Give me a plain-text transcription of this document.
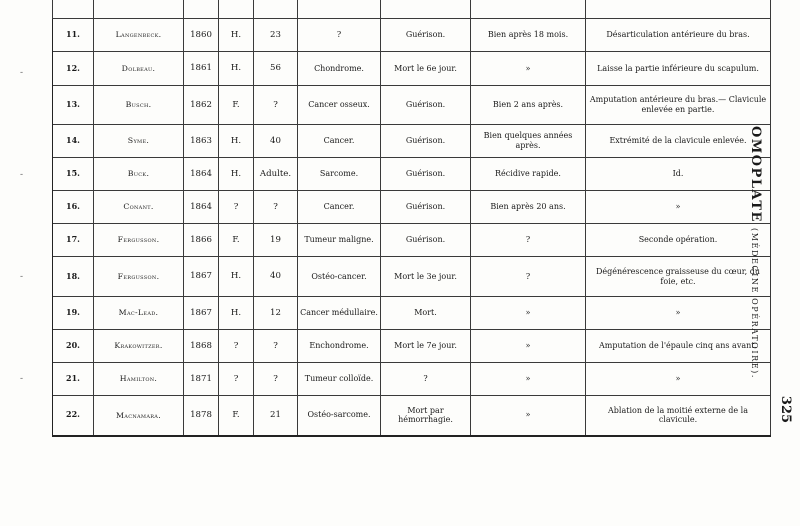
11.	Langenbeck.	1860	H.	23	?	Guérison.	Bien après 18 mois.	Désarticulation antérieure du bras.
12.	Dolbeau.	1861	H.	56	Chondrome.	Mort le 6e jour.	»	Laisse la partie inférieure du scapulum.
13.	Busch.	1862	F.	?	Cancer osseux.	Guérison.	Bien 2 ans après.	Amputation antérieure du bras.— Clavicule enlevée en partie.
14.	Syme.	1863	H.	40	Cancer.	Guérison.	Bien quelques années après.	Extrémité de la clavicule enlevée.
15.	Buck.	1864	H.	Adulte.	Sarcome.	Guérison.	Récidive rapide.	Id.
16.	Conant.	1864	?	?	Cancer.	Guérison.	Bien après 20 ans.	»
17.	Fergusson.	1866	F.	19	Tumeur maligne.	Guérison.	?	Seconde opération.
18.	Fergusson.	1867	H.	40	Ostéo-cancer.	Mort le 3e jour.	?	Dégénérescence graisseuse du cœur, du foie, etc.
19.	Mac-Lead.	1867	H.	12	Cancer médullaire.	Mort.	»	»
20.	Krakowitzer.	1868	?	?	Enchondrome.	Mort le 7e jour.	»	Amputation de l'épaule cinq ans avant.
21.	Hamilton.	1871	?	?	Tumeur colloïde.	?	»	»
22.	Macnamara.	1878	F.	21	Ostéo-sarcome.	Mort par hémorrhagie.	»	Ablation de la moitié externe de la clavicule.
OMOPLATE (MÉDECINE OPÉRATOIRE).
325
-
-
-
-
